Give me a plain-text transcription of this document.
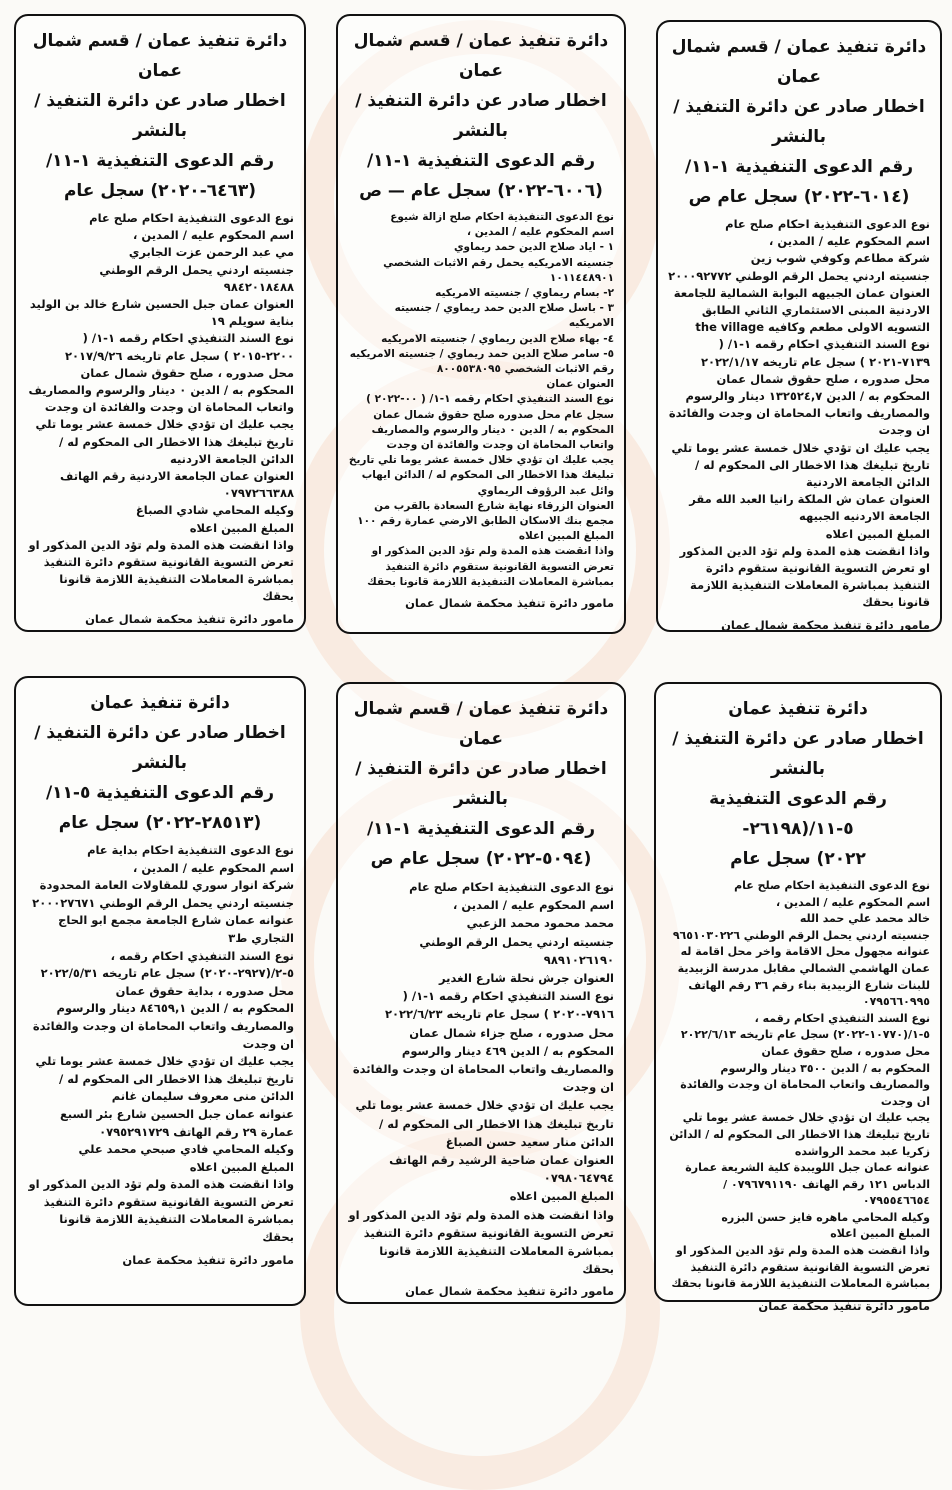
دائرة تنفيذ عمان / قسم شمال عمان
اخطار صادر عن دائرة التنفيذ / بالنشر
رقم الدعوى التنفيذية ١-١١/
(٦٠١٤-٢٠٢٢) سجل عام ص

نوع الدعوى التنفيذية احكام صلح عام

اسم المحكوم عليه / المدين ،

شركة مطاعم وكوفي شوب زين

جنسيته اردني يحمل الرقم الوطني ٢٠٠٠٩٢٧٧٢

العنوان عمان الجبيهه البوابة الشمالية للجامعة الاردنية المبنى الاستثماري الثاني الطابق التسويه الاولى مطعم وكافيه the village

نوع السند التنفيذي احكام رقمه ١-١/ ( ٧١٣٩-٢٠٢١ ) سجل عام تاريخه ٢٠٢٢/١/١٧

محل صدوره ، صلح حقوق شمال عمان

المحكوم به / الدين ١٣٢٥٢٤,٧ دينار والرسوم والمصاريف واتعاب المحاماة ان وجدت والفائدة ان وجدت

يجب عليك ان تؤدي خلال خمسة عشر يوما تلي تاريخ تبليغك هذا الاخطار الى المحكوم له / الدائن الجامعة الاردنية

العنوان عمان ش الملكة رانيا العبد الله مقر الجامعة الاردنيه الجبيهه

المبلغ المبين اعلاه

واذا انقضت هذه المدة ولم تؤد الدين المذكور او تعرض التسوية القانونية ستقوم دائرة التنفيذ بمباشرة المعاملات التنفيذية اللازمة قانونا بحقك

مامور دائرة تنفيذ محكمة شمال عمان
دائرة تنفيذ عمان / قسم شمال عمان
اخطار صادر عن دائرة التنفيذ / بالنشر
رقم الدعوى التنفيذية ١-١١/
(٦٠٠٦-٢٠٢٢) سجل عام — ص

نوع الدعوى التنفيذية احكام صلح ازالة شيوع

اسم المحكوم عليه / المدين ،

١ - اياد صلاح الدين حمد ريماوي

جنسيته الامريكيه يحمل رقم الاثبات الشخصي ١٠١١٤٤٨٩٠١

٢- بسام ريماوي / جنسيته الامريكيه

٣ - باسل صلاح الدين حمد ريماوي / جنسيته الامريكيه

٤- بهاء صلاح الدين ريماوي / جنسيته الامريكيه

٥- سامر صلاح الدين حمد ريماوي / جنسيته الامريكيه رقم الاثبات الشخصي ٨٠٠٥٥٣٨٠٩٥

العنوان عمان

نوع السند التنفيذي احكام رقمه ١-١/ ( ٠٠-٢٠٢٢ ) سجل عام محل صدوره صلح حقوق شمال عمان

المحكوم به / الدين ٠ دينار والرسوم والمصاريف واتعاب المحاماة ان وجدت والفائدة ان وجدت

يجب عليك ان تؤدي خلال خمسة عشر يوما تلي تاريخ تبليغك هذا الاخطار الى المحكوم له / الدائن ايهاب وائل عبد الرؤوف الريماوي

العنوان الزرقاء نهاية شارع السعادة بالقرب من مجمع بنك الاسكان الطابق الارضي عمارة رقم ١٠٠

المبلغ المبين اعلاه

واذا انقضت هذه المدة ولم تؤد الدين المذكور او تعرض التسوية القانونية ستقوم دائرة التنفيذ بمباشرة المعاملات التنفيذية اللازمة قانونا بحقك

مامور دائرة تنفيذ محكمة شمال عمان
دائرة تنفيذ عمان / قسم شمال عمان
اخطار صادر عن دائرة التنفيذ / بالنشر
رقم الدعوى التنفيذية ١-١١/
(٦٤٦٣-٢٠٢٠) سجل عام

نوع الدعوى التنفيذية احكام صلح عام

اسم المحكوم عليه / المدين ،

مي عبد الرحمن عزت الجابري

جنسيته اردني يحمل الرقم الوطني ٩٨٤٢٠١٨٤٨٨

العنوان عمان جبل الحسين شارع خالد بن الوليد بناية سويلم ١٩

نوع السند التنفيذي احكام رقمه ١-١/ ( ٢٢٠٠-٢٠١٥ ) سجل عام تاريخه ٢٠١٧/٩/٢٦

محل صدوره ، صلح حقوق شمال عمان

المحكوم به / الدين ٠ دينار والرسوم والمصاريف واتعاب المحاماة ان وجدت والفائدة ان وجدت

يجب عليك ان تؤدي خلال خمسة عشر يوما تلي تاريخ تبليغك هذا الاخطار الى المحكوم له / الدائن الجامعة الاردنيه

العنوان عمان الجامعة الاردنية رقم الهاتف ٠٧٩٧٢٦٦٣٨٨

وكيله المحامي شادي الصباغ

المبلغ المبين اعلاه

واذا انقضت هذه المدة ولم تؤد الدين المذكور او تعرض التسوية القانونية ستقوم دائرة التنفيذ بمباشرة المعاملات التنفيذية اللازمة قانونا بحقك

مامور دائرة تنفيذ محكمة شمال عمان
دائرة تنفيذ عمان
اخطار صادر عن دائرة التنفيذ / بالنشر
رقم الدعوى التنفيذية ٥-١١/(٢٦١٩٨-
٢٠٢٢) سجل عام

نوع الدعوى التنفيذية احكام صلح عام

اسم المحكوم عليه / المدين ،

خالد محمد علي حمد الله

جنسيته اردني يحمل الرقم الوطني ٩٦٥١٠٣٠٢٢٦ عنوانه مجهول محل الاقامة واخر محل اقامة له عمان الهاشمي الشمالي مقابل مدرسة الزبيدية للبنات شارع الزبيدية بناء رقم ٣٦ رقم الهاتف ٠٧٩٥٦٦٠٩٩٥

نوع السند التنفيذي احكام رقمه ، ٥-١/(١٠٧٧٠-٢٠٢٢) سجل عام تاريخه ٢٠٢٢/٦/١٣

محل صدوره ، صلح حقوق عمان

المحكوم به / الدين ٣٥٠٠ دينار والرسوم والمصاريف واتعاب المحاماة ان وجدت والفائدة ان وجدت

يجب عليك ان تؤدي خلال خمسة عشر يوما تلي تاريخ تبليغك هذا الاخطار الى المحكوم له / الدائن زكريا عبد محمد الرواشده

عنوانه عمان جبل اللويبدة كلية الشريعة عمارة الدباس ١٢١ رقم الهاتف ٠٧٩٦٧٩١١٩٠ / ٠٧٩٥٥٤٦٦٥٤

وكيله المحامي ماهره فايز حسن البزره

المبلغ المبين اعلاه

واذا انقضت هذه المدة ولم تؤد الدين المذكور او تعرض التسوية القانونية ستقوم دائرة التنفيذ بمباشرة المعاملات التنفيذية اللازمة قانونا بحقك

مامور دائرة تنفيذ محكمة عمان
دائرة تنفيذ عمان / قسم شمال عمان
اخطار صادر عن دائرة التنفيذ / بالنشر
رقم الدعوى التنفيذية ١-١١/
(٥٠٩٤-٢٠٢٢) سجل عام ص

نوع الدعوى التنفيذية احكام صلح عام

اسم المحكوم عليه / المدين ،

محمد محمود محمد الزعبي

جنسيته اردني يحمل الرقم الوطني ٩٨٩١٠٢٦١٩٠

العنوان جرش نحلة شارع الغدير

نوع السند التنفيذي احكام رقمه ١-١/ ( ٧٩١٦-٢٠٢٠ ) سجل عام تاريخه ٢٠٢٢/٦/٢٣

محل صدوره ، صلح جزاء شمال عمان

المحكوم به / الدين ٤٦٩ دينار والرسوم والمصاريف واتعاب المحاماة ان وجدت والفائدة ان وجدت

يجب عليك ان تؤدي خلال خمسة عشر يوما تلي تاريخ تبليغك هذا الاخطار الى المحكوم له / الدائن منار سعيد حسن الصباغ

العنوان عمان ضاحية الرشيد رقم الهاتف ٠٧٩٨٠٦٤٧٩٤

المبلغ المبين اعلاه

واذا انقضت هذه المدة ولم تؤد الدين المذكور او تعرض التسوية القانونية ستقوم دائرة التنفيذ بمباشرة المعاملات التنفيذية اللازمة قانونا بحقك

مامور دائرة تنفيذ محكمة شمال عمان
دائرة تنفيذ عمان
اخطار صادر عن دائرة التنفيذ / بالنشر
رقم الدعوى التنفيذية ٥-١١/
(٢٨٥١٣-٢٠٢٢) سجل عام

نوع الدعوى التنفيذية احكام بداية عام

اسم المحكوم عليه / المدين ،

شركة انوار سوري للمقاولات العامة المحدودة

جنسيته اردني يحمل الرقم الوطني ٢٠٠٠٢٧٦٧١

عنوانه عمان شارع الجامعة مجمع ابو الحاج التجاري ط٣

نوع السند التنفيذي احكام رقمه ، ٥-٢/(٢٩٢٧-٢٠٢٠) سجل عام تاريخه ٢٠٢٢/٥/٣١

محل صدوره ، بداية حقوق عمان

المحكوم به / الدين ٨٤٦٥٩,١ دينار والرسوم والمصاريف واتعاب المحاماة ان وجدت والفائدة ان وجدت

يجب عليك ان تؤدي خلال خمسة عشر يوما تلي تاريخ تبليغك هذا الاخطار الى المحكوم له / الدائن منى معروف سليمان غانم

عنوانه عمان جبل الحسين شارع بئر السبع عمارة ٢٩ رقم الهاتف ٠٧٩٥٢٩١٧٢٩

وكيله المحامي فادي صبحي محمد علي

المبلغ المبين اعلاه

واذا انقضت هذه المدة ولم تؤد الدين المذكور او تعرض التسوية القانونية ستقوم دائرة التنفيذ بمباشرة المعاملات التنفيذية اللازمة قانونا بحقك

مامور دائرة تنفيذ محكمة عمان
